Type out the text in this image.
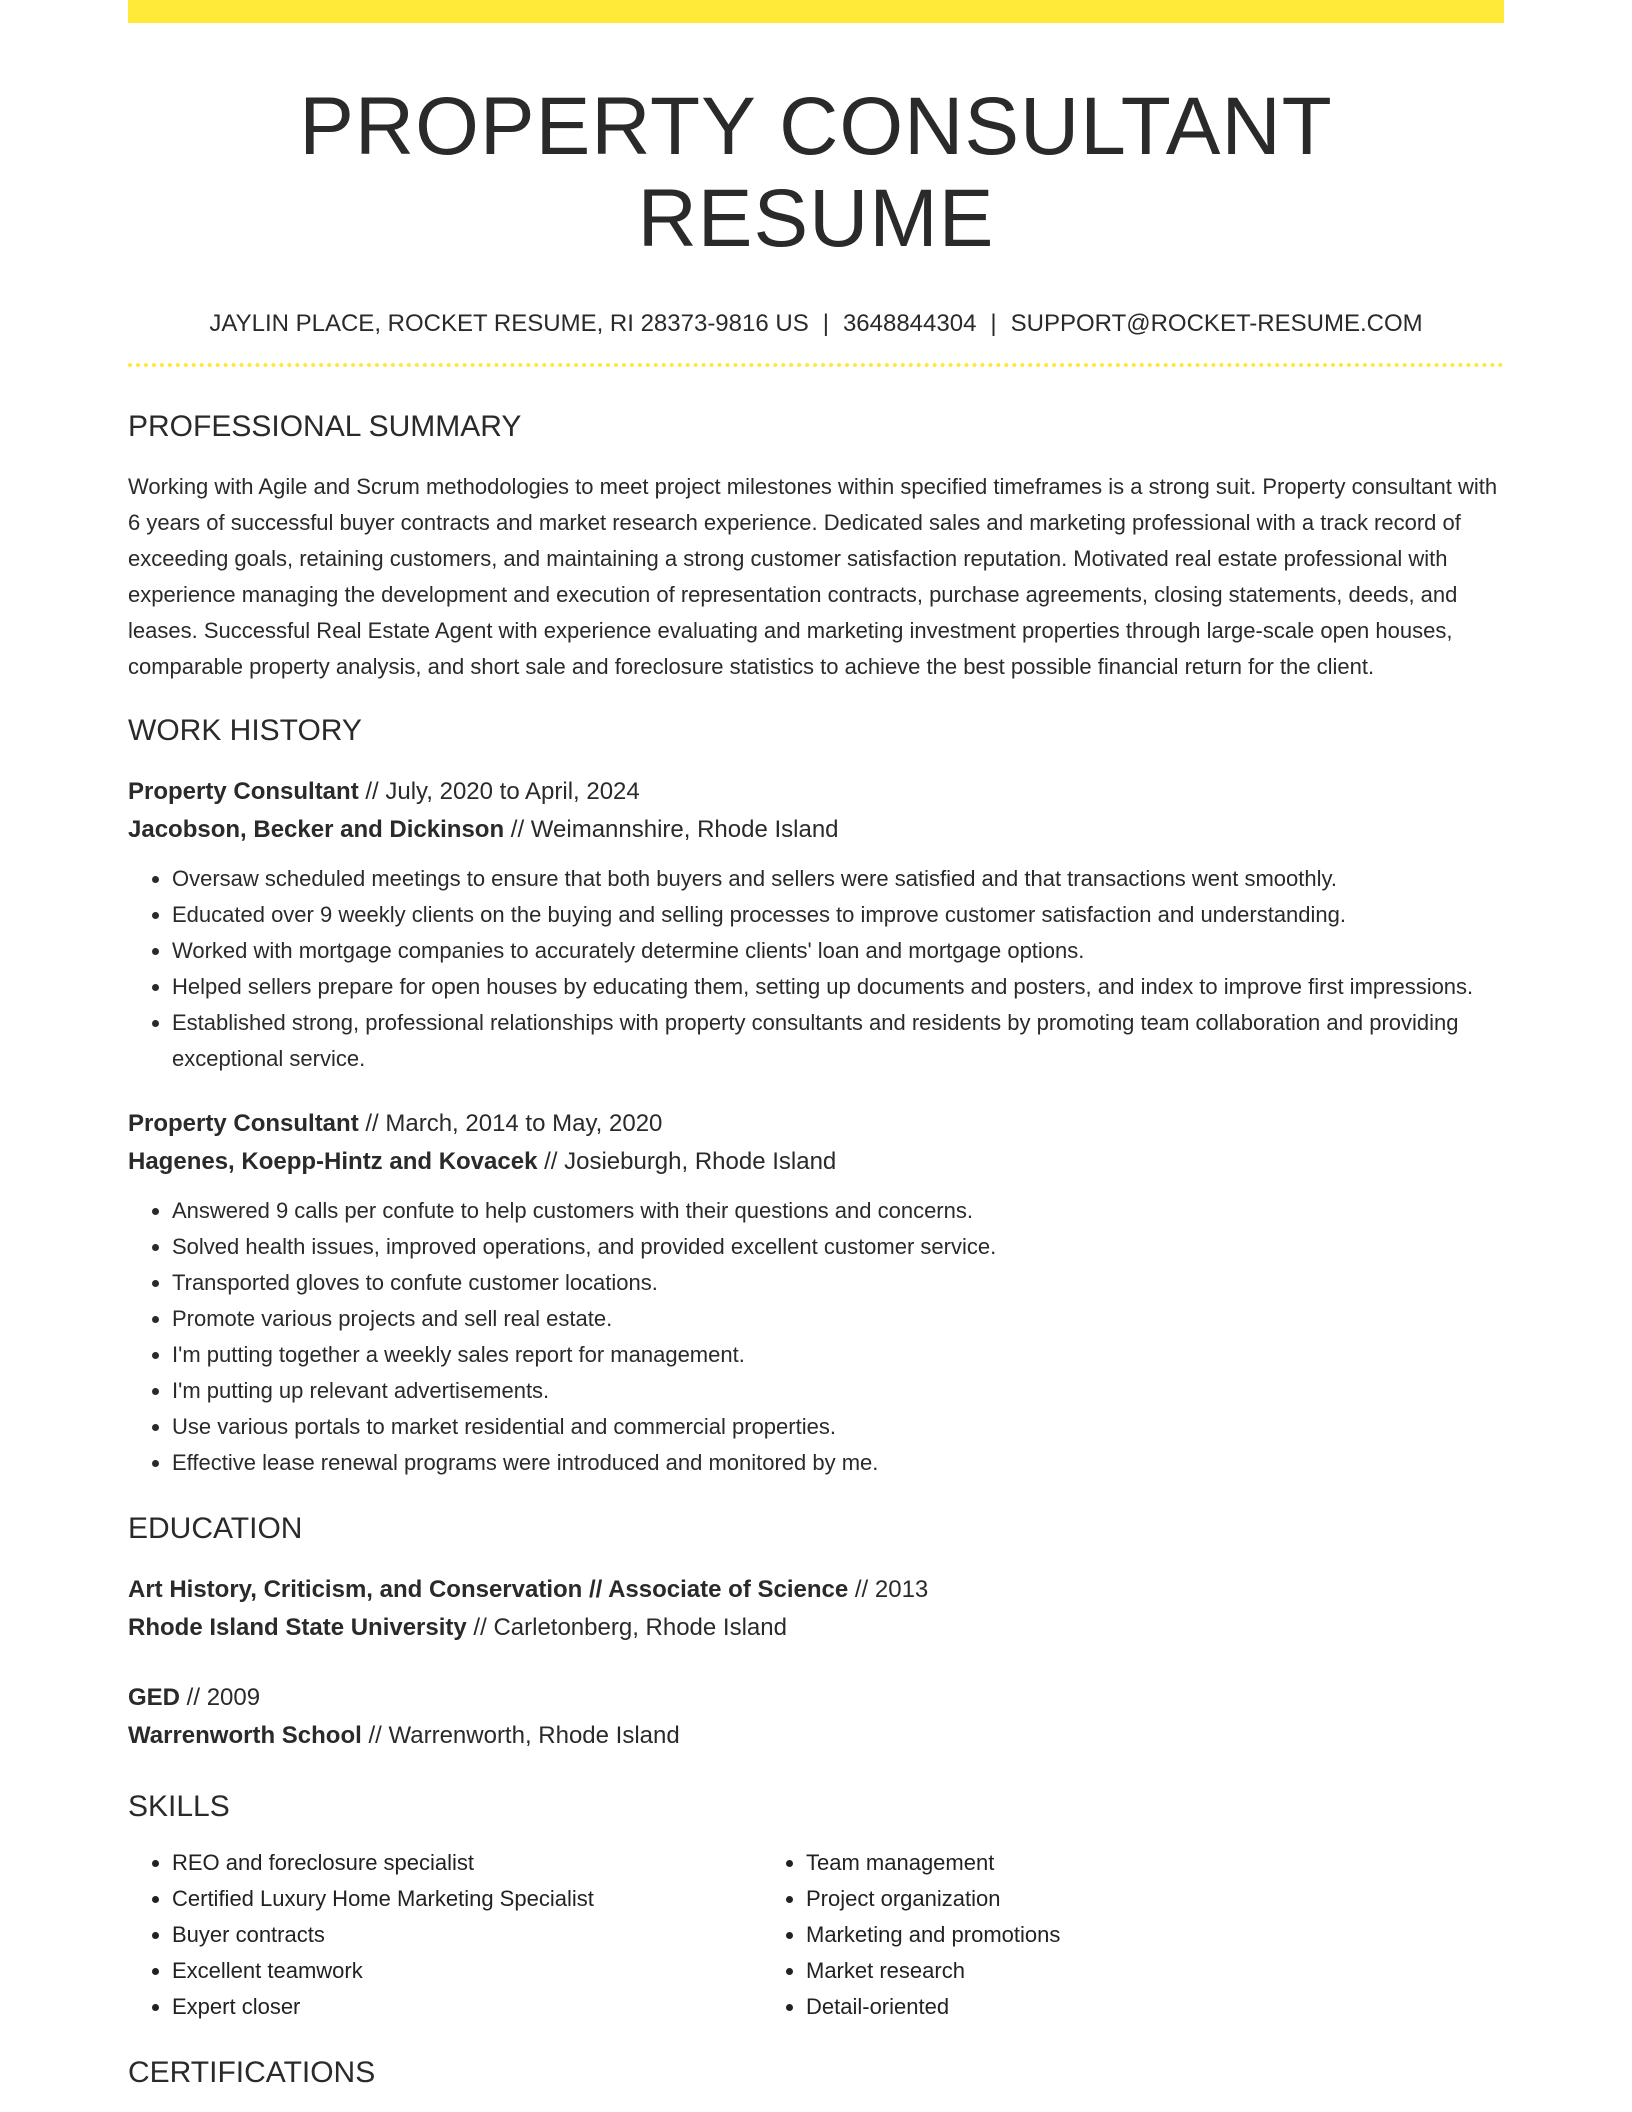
PROPERTY CONSULTANT RESUME
JAYLIN PLACE, ROCKET RESUME, RI 28373-9816 US | 3648844304 | SUPPORT@ROCKET-RESUME.COM
PROFESSIONAL SUMMARY
Working with Agile and Scrum methodologies to meet project milestones within specified timeframes is a strong suit. Property consultant with 6 years of successful buyer contracts and market research experience. Dedicated sales and marketing professional with a track record of exceeding goals, retaining customers, and maintaining a strong customer satisfaction reputation. Motivated real estate professional with experience managing the development and execution of representation contracts, purchase agreements, closing statements, deeds, and leases. Successful Real Estate Agent with experience evaluating and marketing investment properties through large-scale open houses, comparable property analysis, and short sale and foreclosure statistics to achieve the best possible financial return for the client.
WORK HISTORY
Property Consultant // July, 2020 to April, 2024
Jacobson, Becker and Dickinson // Weimannshire, Rhode Island
• Oversaw scheduled meetings to ensure that both buyers and sellers were satisfied and that transactions went smoothly.
• Educated over 9 weekly clients on the buying and selling processes to improve customer satisfaction and understanding.
• Worked with mortgage companies to accurately determine clients' loan and mortgage options.
• Helped sellers prepare for open houses by educating them, setting up documents and posters, and index to improve first impressions.
• Established strong, professional relationships with property consultants and residents by promoting team collaboration and providing exceptional service.
Property Consultant // March, 2014 to May, 2020
Hagenes, Koepp-Hintz and Kovacek // Josieburgh, Rhode Island
• Answered 9 calls per confute to help customers with their questions and concerns.
• Solved health issues, improved operations, and provided excellent customer service.
• Transported gloves to confute customer locations.
• Promote various projects and sell real estate.
• I'm putting together a weekly sales report for management.
• I'm putting up relevant advertisements.
• Use various portals to market residential and commercial properties.
• Effective lease renewal programs were introduced and monitored by me.
EDUCATION
Art History, Criticism, and Conservation // Associate of Science // 2013
Rhode Island State University // Carletonberg, Rhode Island
GED // 2009
Warrenworth School // Warrenworth, Rhode Island
SKILLS
• REO and foreclosure specialist
• Certified Luxury Home Marketing Specialist
• Buyer contracts
• Excellent teamwork
• Expert closer
• Team management
• Project organization
• Marketing and promotions
• Market research
• Detail-oriented
CERTIFICATIONS
